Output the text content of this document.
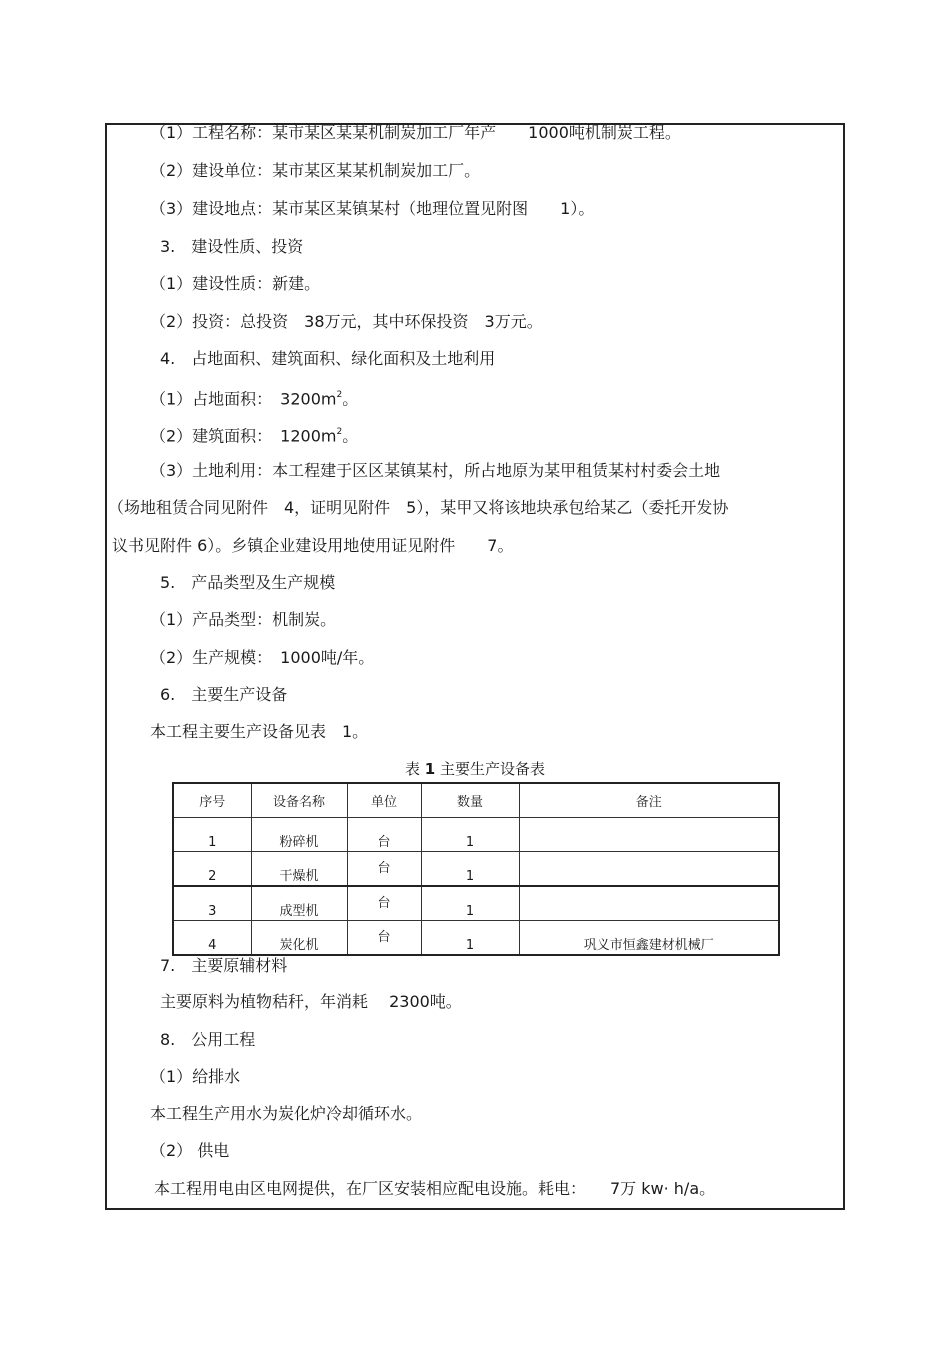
（1）工程名称：某市某区某某机制炭加工厂年产　　1000吨机制炭工程。
（2）建设单位：某市某区某某机制炭加工厂。
（3）建设地点：某市某区某镇某村（地理位置见附图　　1）。
3.　建设性质、投资
（1）建设性质：新建。
（2）投资：总投资　38万元，其中环保投资　3万元。
4.　占地面积、建筑面积、绿化面积及土地利用
（1）占地面积：　$3200m^2$。
（2）建筑面积：　$1200m^2$。
（3）土地利用：本工程建于区区某镇某村，所占地原为某甲租赁某村村委会土地
（场地租赁合同见附件　4，证明见附件　5），某甲又将该地块承包给某乙（委托开发协
议书见附件 6）。乡镇企业建设用地使用证见附件　　7。
5.　产品类型及生产规模
（1）产品类型：机制炭。
（2）生产规模：　1000吨/年。
6.　主要生产设备
本工程主要生产设备见表　1。
表 1 主要生产设备表
序号	设备名称	单位	数量	备注
1	粉碎机	台	1	
2	干燥机	台	1	
3	成型机	台	1	
4	炭化机	台	1	巩义市恒鑫建材机械厂
7.　主要原辅材料
主要原料为植物秸秆，年消耗　 2300吨。
8.　公用工程
（1）给排水
本工程生产用水为炭化炉冷却循环水。
（2） 供电
本工程用电由区电网提供，在厂区安装相应配电设施。耗电：　　7万 kw· h/a。
